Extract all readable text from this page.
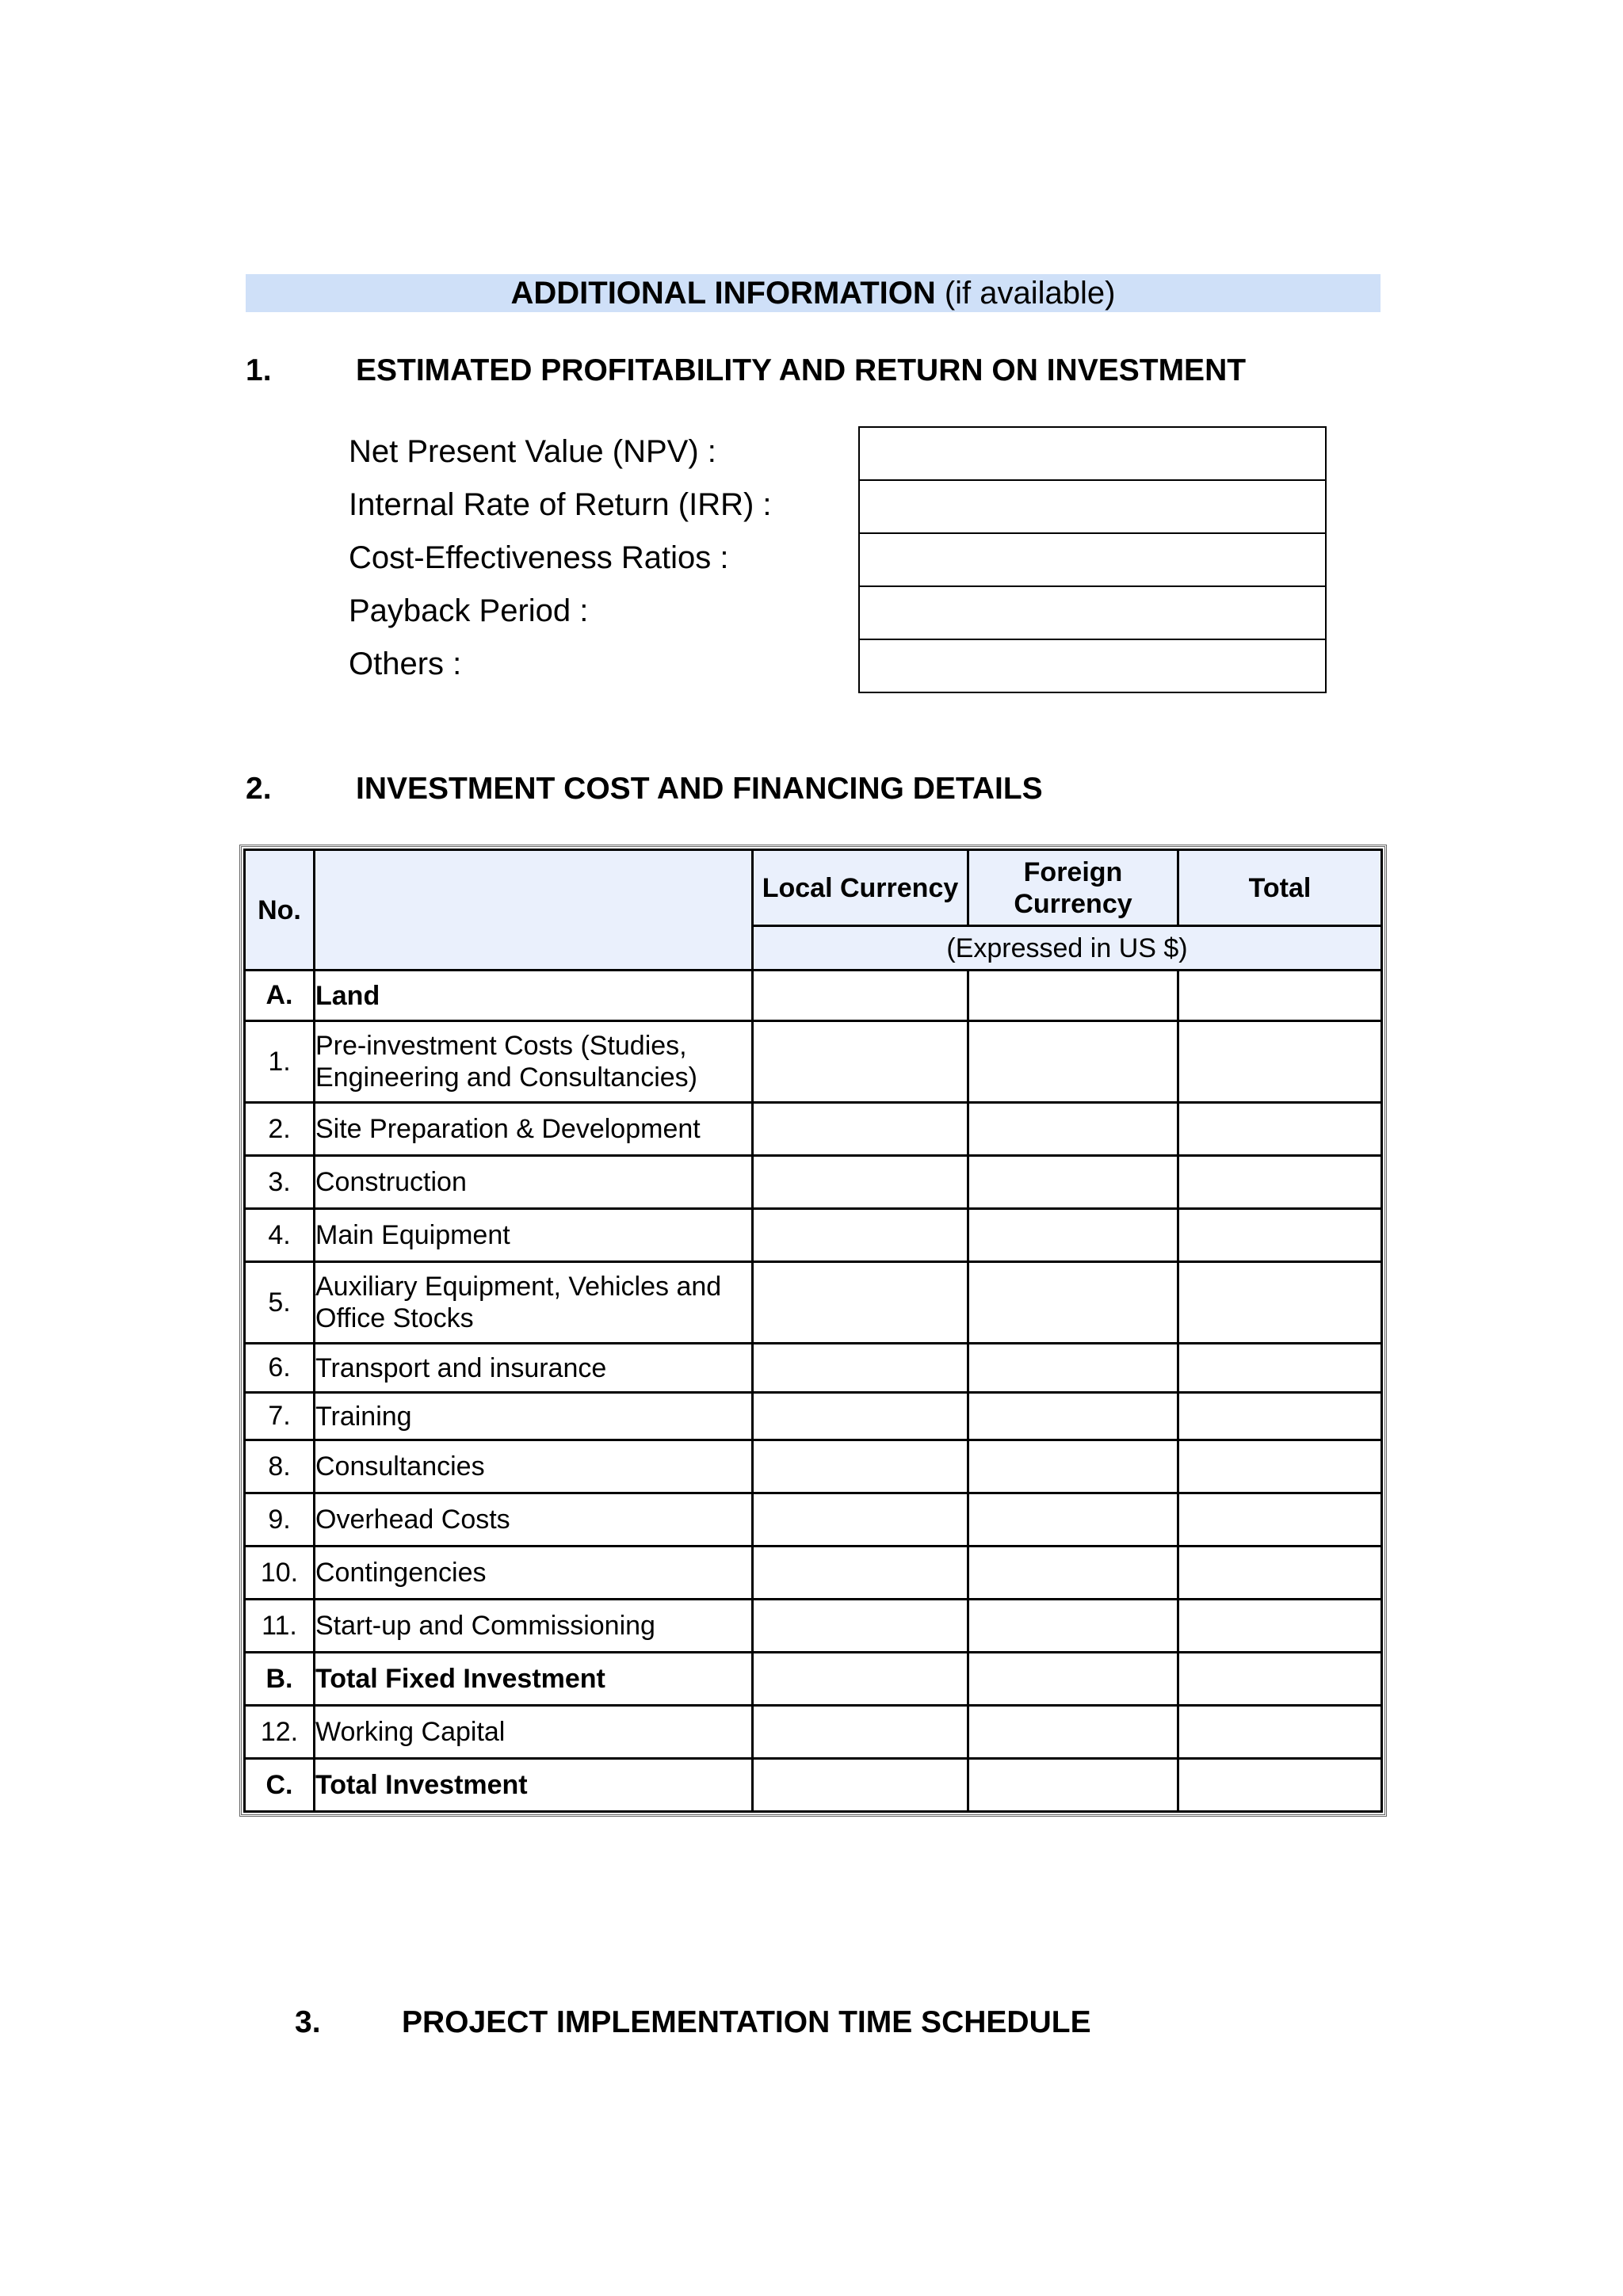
ADDITIONAL INFORMATION (if available)
1.	ESTIMATED PROFITABILITY AND RETURN ON INVESTMENT
Net Present Value (NPV) :
Internal Rate of Return (IRR) :
Cost-Effectiveness Ratios :
Payback Period :
Others :
2.	INVESTMENT COST AND FINANCING DETAILS
No.		Local Currency	Foreign Currency	Total
		(Expressed in US $)		
A.	Land			
1.	Pre-investment Costs (Studies, Engineering and Consultancies)			
2.	Site Preparation & Development			
3.	Construction			
4.	Main Equipment			
5.	Auxiliary Equipment, Vehicles and Office Stocks			
6.	Transport and insurance			
7.	Training			
8.	Consultancies			
9.	Overhead Costs			
10.	Contingencies			
11.	Start-up and Commissioning			
B.	Total Fixed Investment			
12.	Working Capital			
C.	Total Investment			
3.	PROJECT IMPLEMENTATION TIME SCHEDULE
